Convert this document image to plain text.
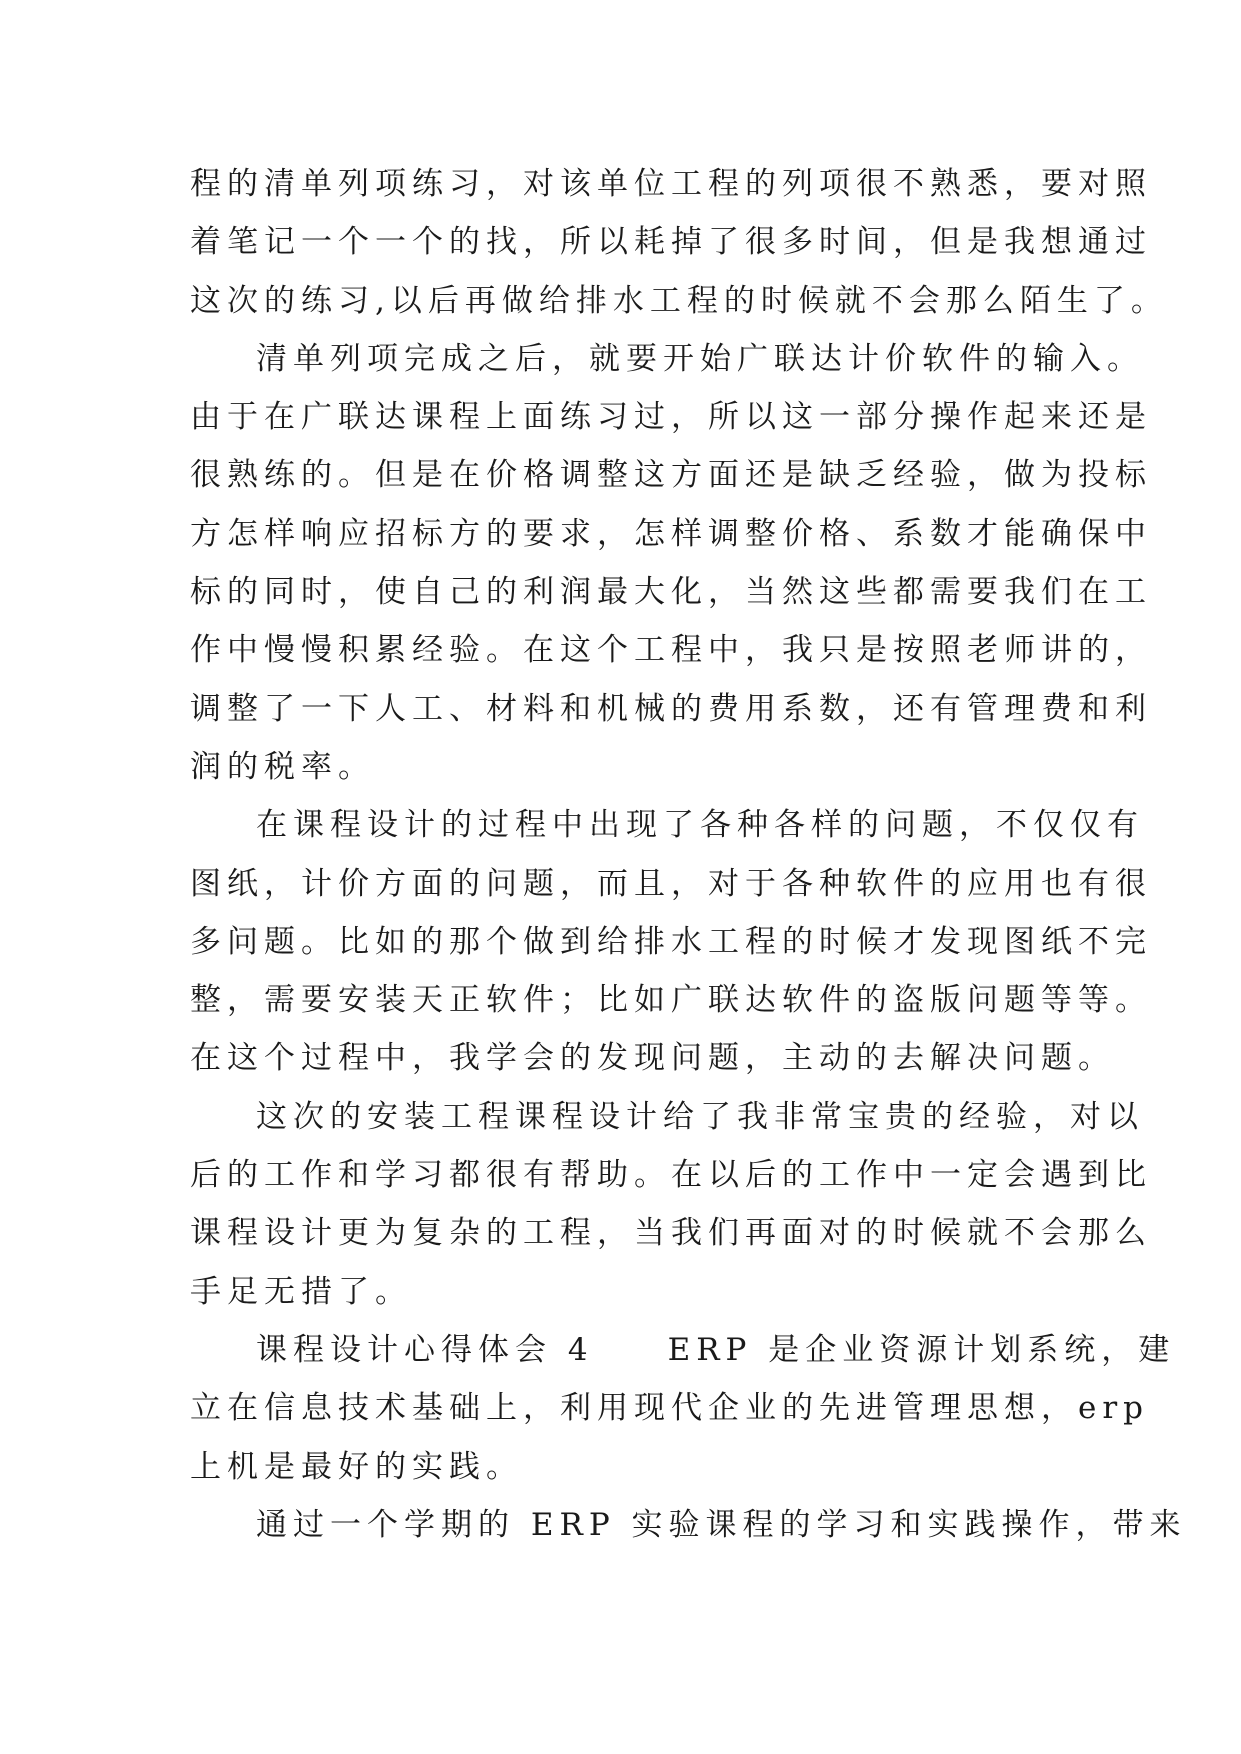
程的清单列项练习，对该单位工程的列项很不熟悉，要对照
着笔记一个一个的找，所以耗掉了很多时间，但是我想通过
这次的练习,以后再做给排水工程的时候就不会那么陌生了。
清单列项完成之后，就要开始广联达计价软件的输入。
由于在广联达课程上面练习过，所以这一部分操作起来还是
很熟练的。但是在价格调整这方面还是缺乏经验，做为投标
方怎样响应招标方的要求，怎样调整价格、系数才能确保中
标的同时，使自己的利润最大化，当然这些都需要我们在工
作中慢慢积累经验。在这个工程中，我只是按照老师讲的，
调整了一下人工、材料和机械的费用系数，还有管理费和利
润的税率。
在课程设计的过程中出现了各种各样的问题，不仅仅有
图纸，计价方面的问题，而且，对于各种软件的应用也有很
多问题。比如的那个做到给排水工程的时候才发现图纸不完
整，需要安装天正软件；比如广联达软件的盗版问题等等。
在这个过程中，我学会的发现问题，主动的去解决问题。
这次的安装工程课程设计给了我非常宝贵的经验，对以
后的工作和学习都很有帮助。在以后的工作中一定会遇到比
课程设计更为复杂的工程，当我们再面对的时候就不会那么
手足无措了。
课程设计心得体会 4　　ERP 是企业资源计划系统，建
立在信息技术基础上，利用现代企业的先进管理思想，erp
上机是最好的实践。
通过一个学期的 ERP 实验课程的学习和实践操作，带来
